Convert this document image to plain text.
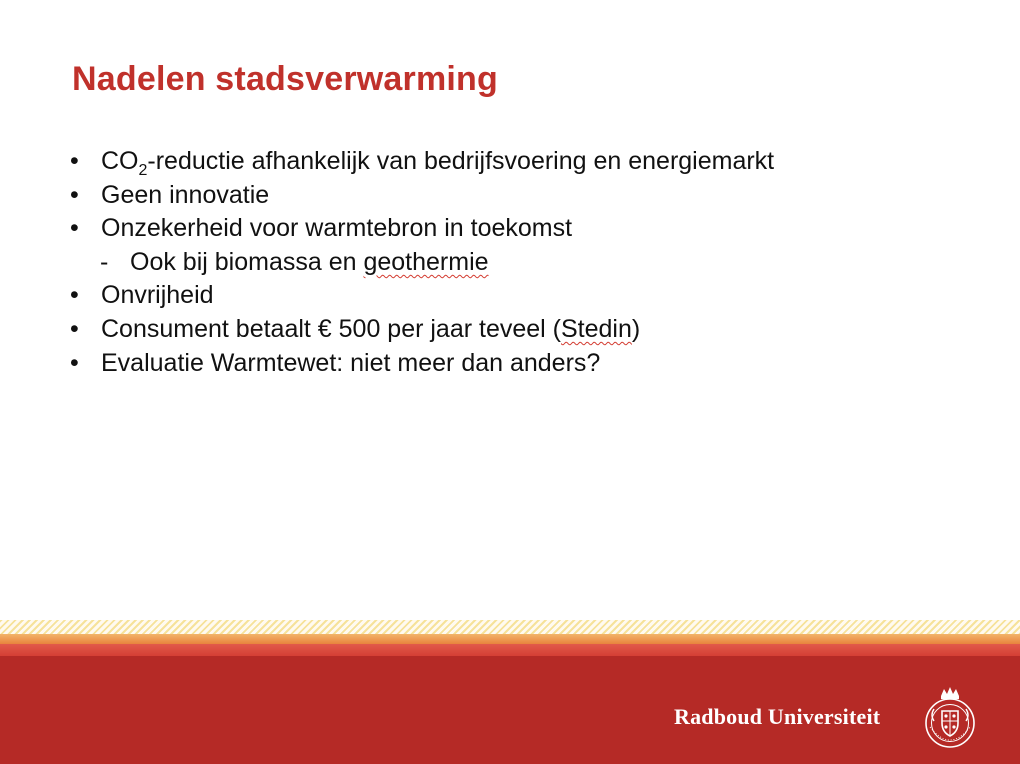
Nadelen stadsverwarming
• $CO_2$-reductie afhankelijk van bedrijfsvoering en energiemarkt
• Geen innovatie
• Onzekerheid voor warmtebron in toekomst
- Ook bij biomassa en geothermie
• Onvrijheid
• Consument betaalt € 500 per jaar teveel (Stedin)
• Evaluatie Warmtewet: niet meer dan anders?
Radboud Universiteit
